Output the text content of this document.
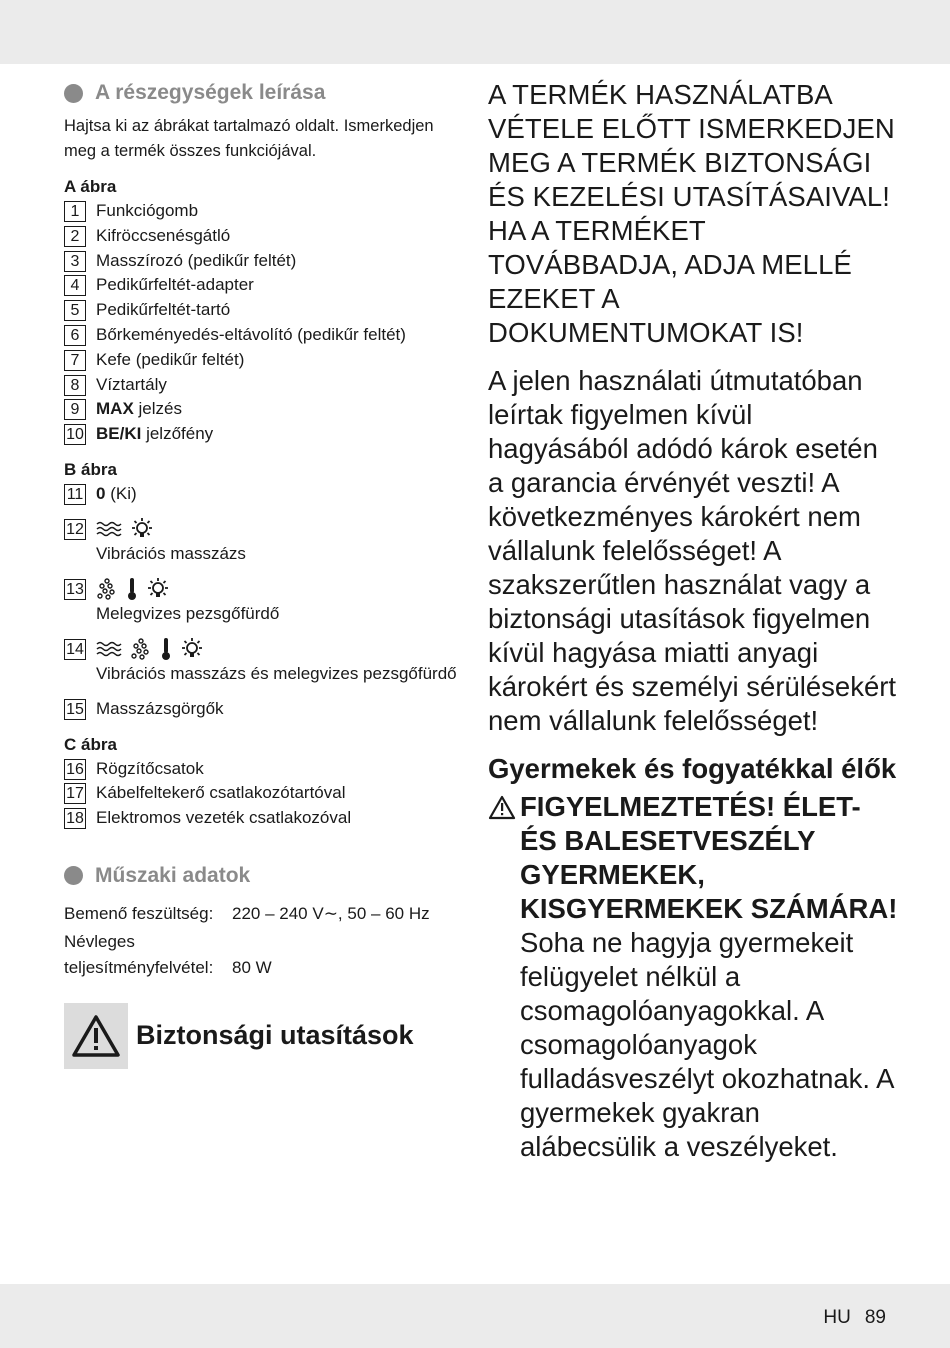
A részegységek leírása

Hajtsa ki az ábrákat tartalmazó oldalt. Ismerkedjen meg a termék összes funkciójával.

A ábra
1 Funkciógomb
2 Kifröccsenésgátló
3 Masszírozó (pedikűr feltét)
4 Pedikűrfeltét-adapter
5 Pedikűrfeltét-tartó
6 Bőrkeményedés-eltávolító (pedikűr feltét)
7 Kefe (pedikűr feltét)
8 Víztartály
9 MAX jelzés
10 BE/KI jelzőfény
B ábra
11 0 (Ki)
12
Vibrációs masszázs
13
Melegvizes pezsgőfürdő
14
Vibrációs masszázs és melegvizes pezsgőfürdő
15 Masszázsgörgők
C ábra
16 Rögzítőcsatok
17 Kábelfeltekerő csatlakozótartóval
18 Elektromos vezeték csatlakozóval
Műszaki adatok
Bemenő feszültség:	220 – 240 V∼, 50 – 60 Hz
Névleges
teljesítményfelvétel:	80 W
Biztonsági utasítások

A TERMÉK HASZNÁLATBA VÉTELE ELŐTT ISMERKEDJEN MEG A TERMÉK BIZTONSÁGI ÉS KEZELÉSI UTASÍTÁSAIVAL! HA A TERMÉKET TOVÁBBADJA, ADJA MELLÉ EZEKET A DOKUMENTUMOKAT IS!

A jelen használati útmutatóban leírtak figyelmen kívül hagyásából adódó károk esetén a garancia érvényét veszti! A következményes károkért nem vállalunk felelősséget! A szakszerűtlen használat vagy a biztonsági utasítások figyelmen kívül hagyása miatti anyagi károkért és személyi sérülésekért nem vállalunk felelősséget!

Gyermekek és fogyatékkal élők

FIGYELMEZTETÉS! ÉLET- ÉS BALESETVESZÉLY GYERMEKEK, KISGYERMEKEK SZÁMÁRA!

Soha ne hagyja gyermekeit felügyelet nélkül a csomagolóanyagokkal. A csomagolóanyagok fulladásveszélyt okozhatnak. A gyermekek gyakran alábecsülik a veszélyeket.

HU 89
